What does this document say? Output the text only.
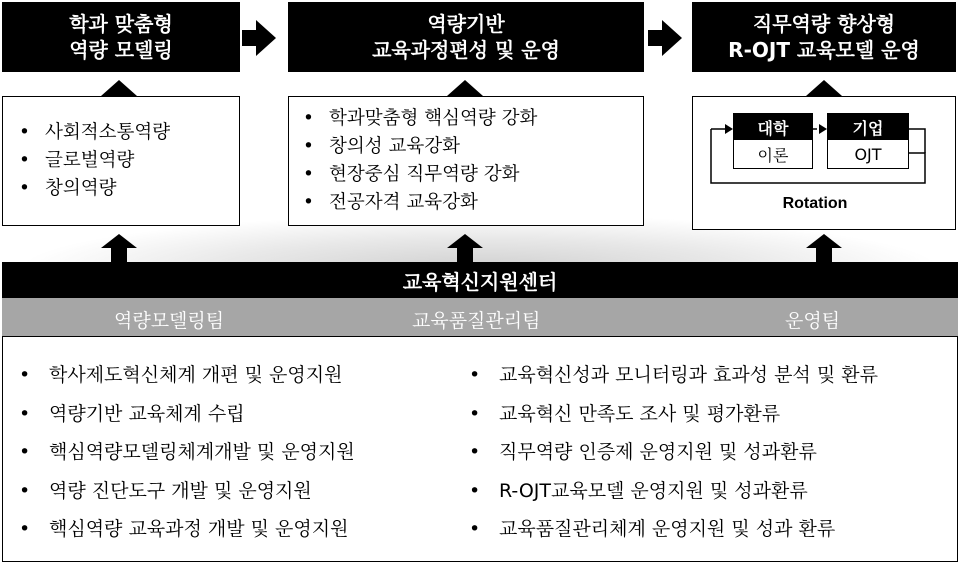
학과 맞춤형
역량 모델링
역량기반
교육과정편성 및 운영
직무역량 향상형
R-OJT 교육모델 운영
• 사회적소통역량
• 글로벌역량
• 창의역량
• 학과맞춤형 핵심역량 강화
• 창의성 교육강화
• 현장중심 직무역량 강화
• 전공자격 교육강화
대학
이론
기업
OJT
Rotation
교육혁신지원센터
역량모델링팀	교육품질관리팀	운영팀
• 학사제도혁신체계 개편 및 운영지원
• 역량기반 교육체계 수립
• 핵심역량모델링체계개발 및 운영지원
• 역량 진단도구 개발 및 운영지원
• 핵심역량 교육과정 개발 및 운영지원
• 교육혁신성과 모니터링과 효과성 분석 및 환류
• 교육혁신 만족도 조사 및 평가환류
• 직무역량 인증제 운영지원 및 성과환류
• R-OJT교육모델 운영지원 및 성과환류
• 교육품질관리체계 운영지원 및 성과 환류
